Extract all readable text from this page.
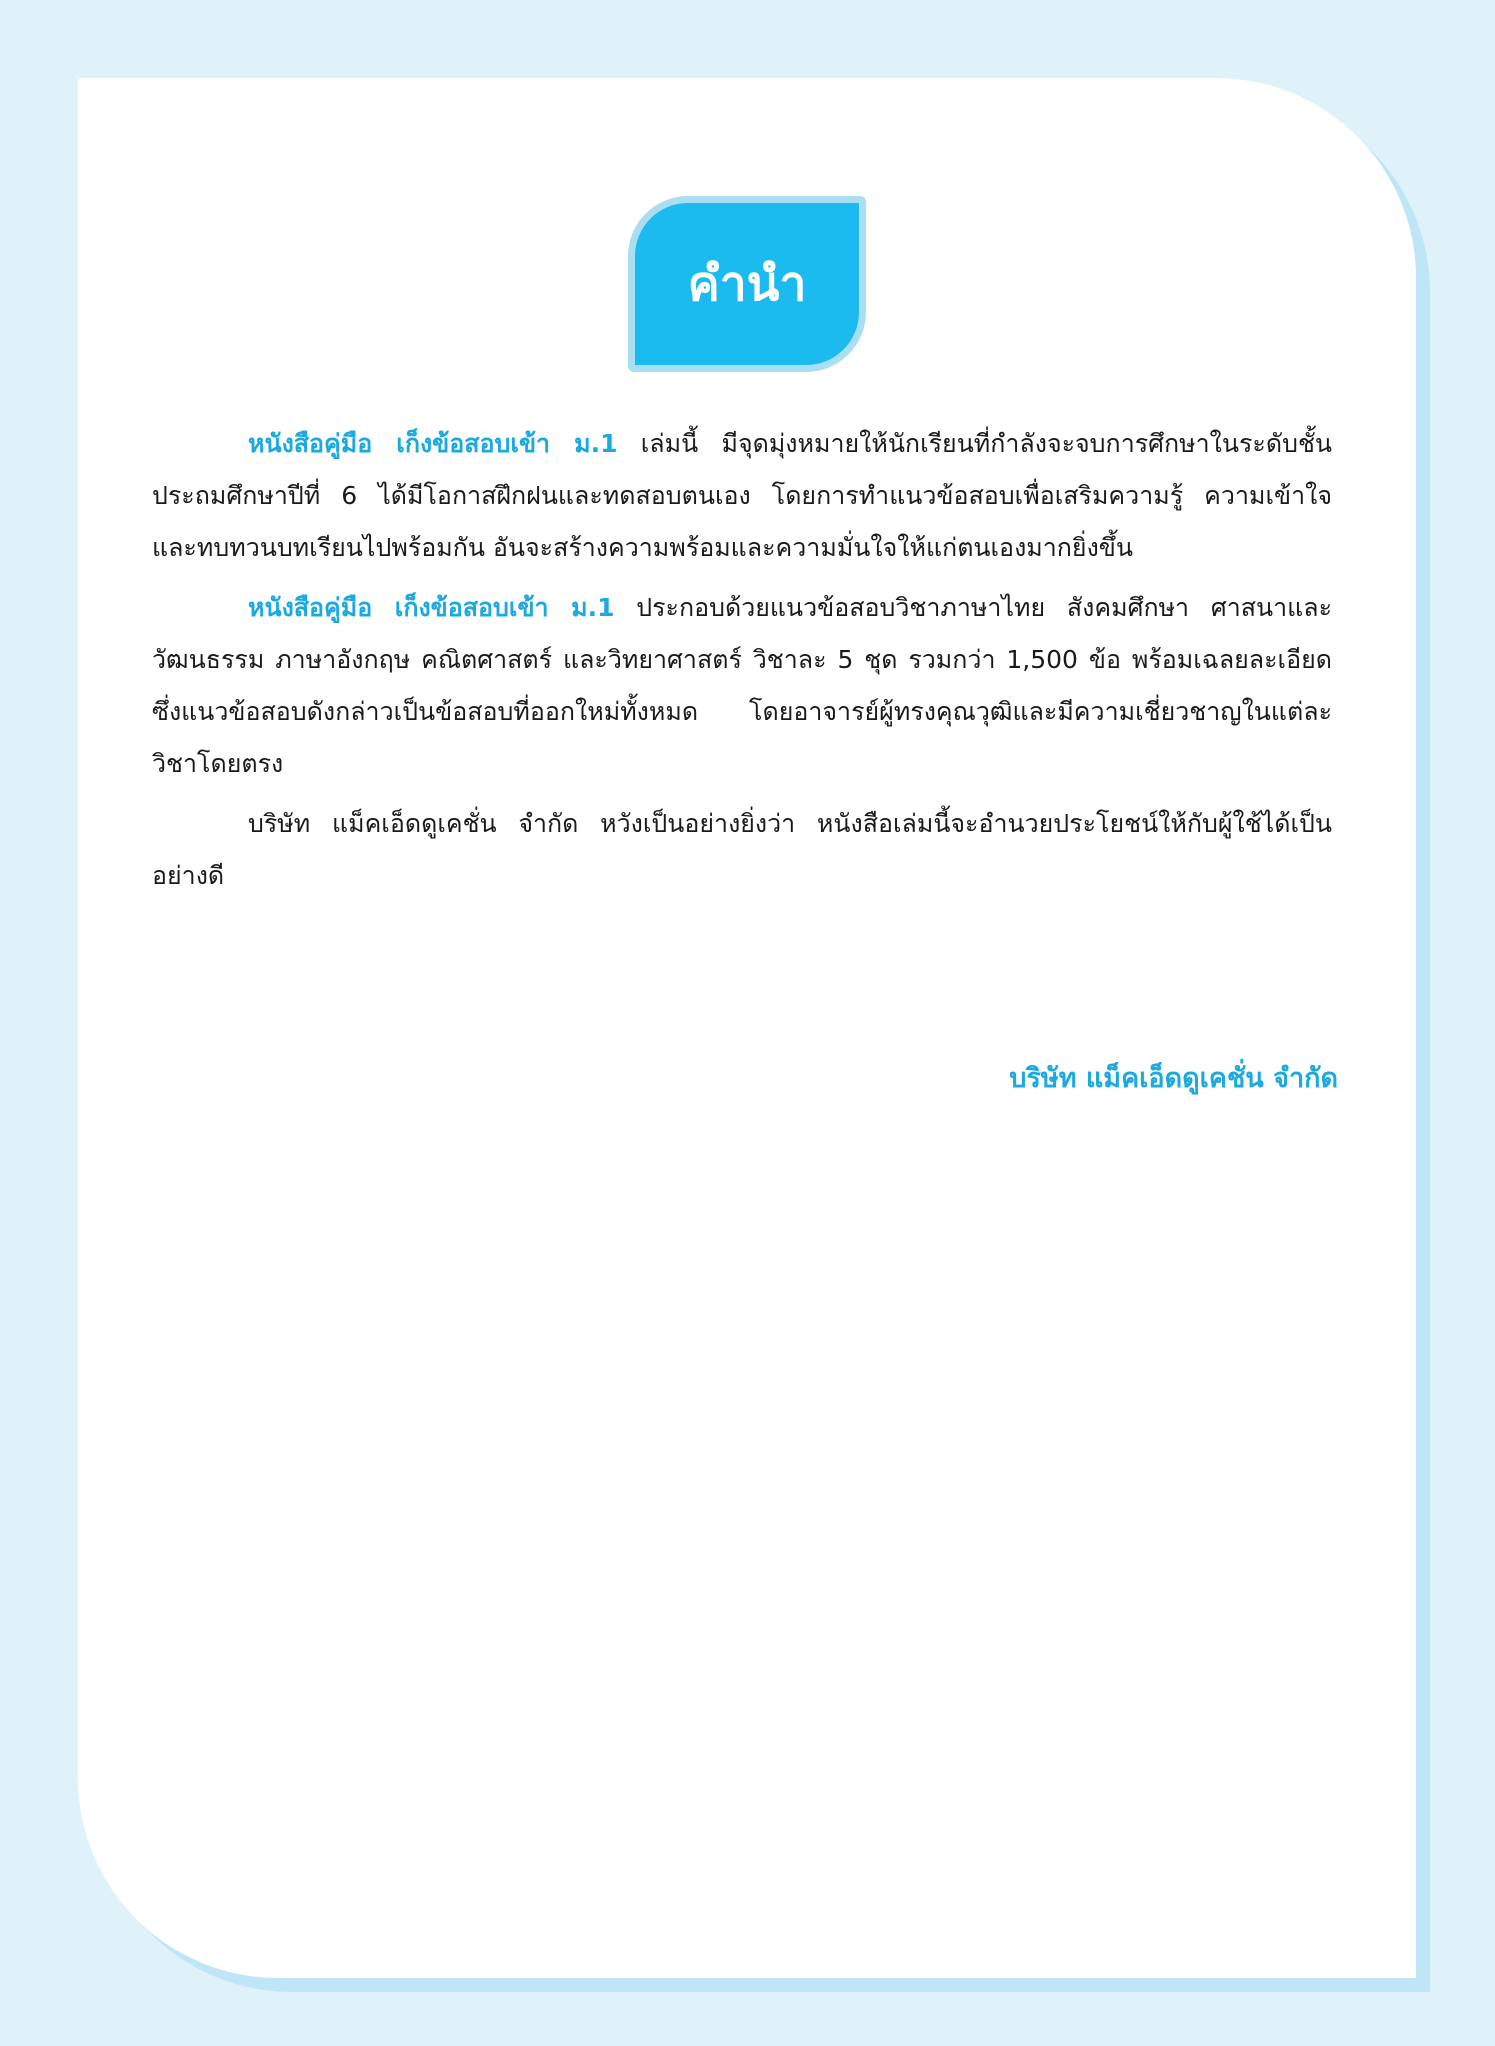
คำนำ

หนังสือคู่มือ เก็งข้อสอบเข้า ม.1 เล่มนี้ มีจุดมุ่งหมายให้นักเรียนที่กำลังจะจบการศึกษาในระดับชั้นประถมศึกษาปีที่ 6 ได้มีโอกาสฝึกฝนและทดสอบตนเอง โดยการทำแนวข้อสอบเพื่อเสริมความรู้ ความเข้าใจ และทบทวนบทเรียนไปพร้อมกัน อันจะสร้างความพร้อมและความมั่นใจให้แก่ตนเองมากยิ่งขึ้น

หนังสือคู่มือ เก็งข้อสอบเข้า ม.1 ประกอบด้วยแนวข้อสอบวิชาภาษาไทย สังคมศึกษา ศาสนาและวัฒนธรรม ภาษาอังกฤษ คณิตศาสตร์ และวิทยาศาสตร์ วิชาละ 5 ชุด รวมกว่า 1,500 ข้อ พร้อมเฉลยละเอียด ซึ่งแนวข้อสอบดังกล่าวเป็นข้อสอบที่ออกใหม่ทั้งหมด โดยอาจารย์ผู้ทรงคุณวุฒิและมีความเชี่ยวชาญในแต่ละวิชาโดยตรง

บริษัท แม็คเอ็ดดูเคชั่น จำกัด หวังเป็นอย่างยิ่งว่า หนังสือเล่มนี้จะอำนวยประโยชน์ให้กับผู้ใช้ได้เป็นอย่างดี

บริษัท แม็คเอ็ดดูเคชั่น จำกัด
